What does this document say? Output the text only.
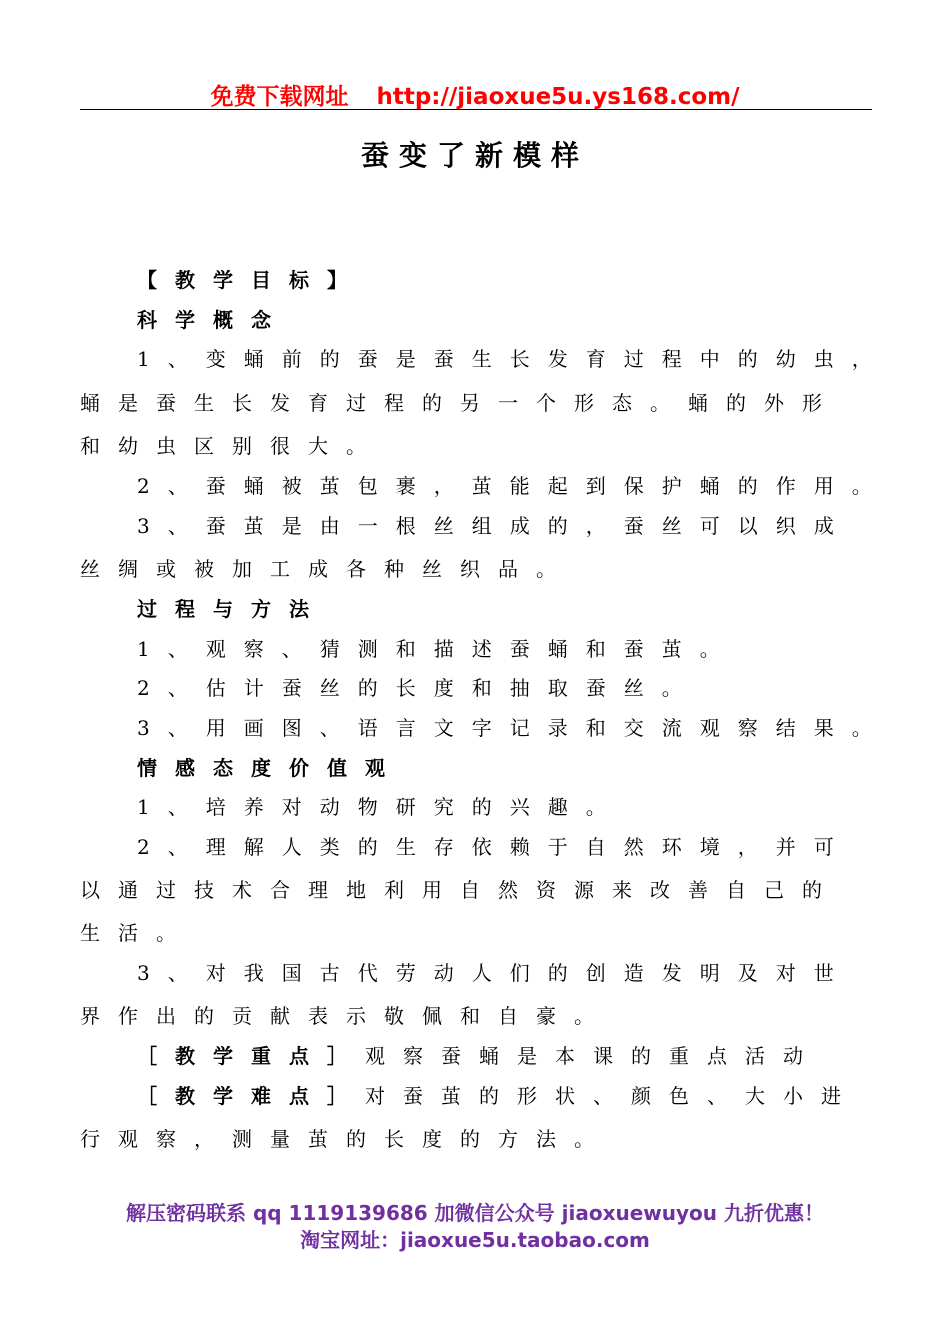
免费下载网址 http://jiaoxue5u.ys168.com/
蚕变了新模样
【教学目标】
科学概念
1、变蛹前的蚕是蚕生长发育过程中的幼虫，
蛹是蚕生长发育过程的另一个形态。蛹的外形
和幼虫区别很大。
2、蚕蛹被茧包裹，茧能起到保护蛹的作用。
3、蚕茧是由一根丝组成的，蚕丝可以织成
丝绸或被加工成各种丝织品。
过程与方法
1、观察、猜测和描述蚕蛹和蚕茧。
2、估计蚕丝的长度和抽取蚕丝。
3、用画图、语言文字记录和交流观察结果。
情感态度价值观
1、培养对动物研究的兴趣。
2、理解人类的生存依赖于自然环境，并可
以通过技术合理地利用自然资源来改善自己的
生活。
3、对我国古代劳动人们的创造发明及对世
界作出的贡献表示敬佩和自豪。
［教学重点］观察蚕蛹是本课的重点活动
［教学难点］对蚕茧的形状、颜色、大小进
行观察，测量茧的长度的方法。
解压密码联系 qq 1119139686 加微信公众号 jiaoxuewuyou 九折优惠！
淘宝网址：jiaoxue5u.taobao.com
